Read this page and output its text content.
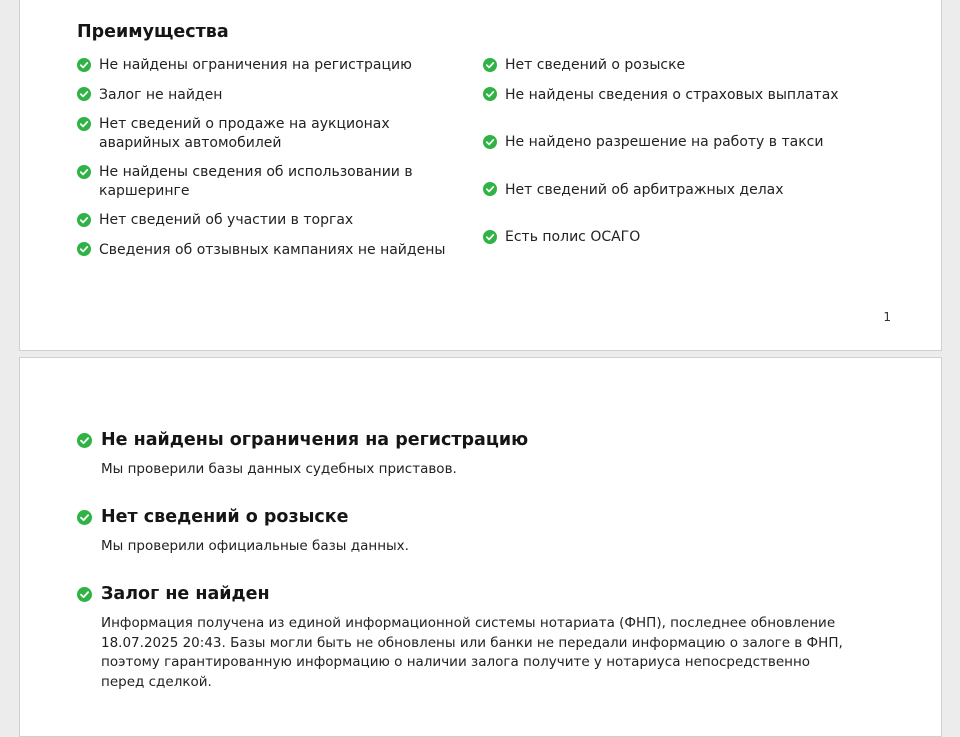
Преимущества
Не найдены ограничения на регистрацию
Залог не найден
Нет сведений о продаже на аукционах аварийных автомобилей
Не найдены сведения об использовании в каршеринге
Нет сведений об участии в торгах
Сведения об отзывных кампаниях не найдены
Нет сведений о розыске
Не найдены сведения о страховых выплатах
Не найдено разрешение на работу в такси
Нет сведений об арбитражных делах
Есть полис ОСАГО
1
Не найдены ограничения на регистрацию

Мы проверили базы данных судебных приставов.

Нет сведений о розыске

Мы проверили официальные базы данных.

Залог не найден

Информация получена из единой информационной системы нотариата (ФНП), последнее обновление 18.07.2025 20:43. Базы могли быть не обновлены или банки не передали информацию о залоге в ФНП, поэтому гарантированную информацию о наличии залога получите у нотариуса непосредственно перед сделкой.
